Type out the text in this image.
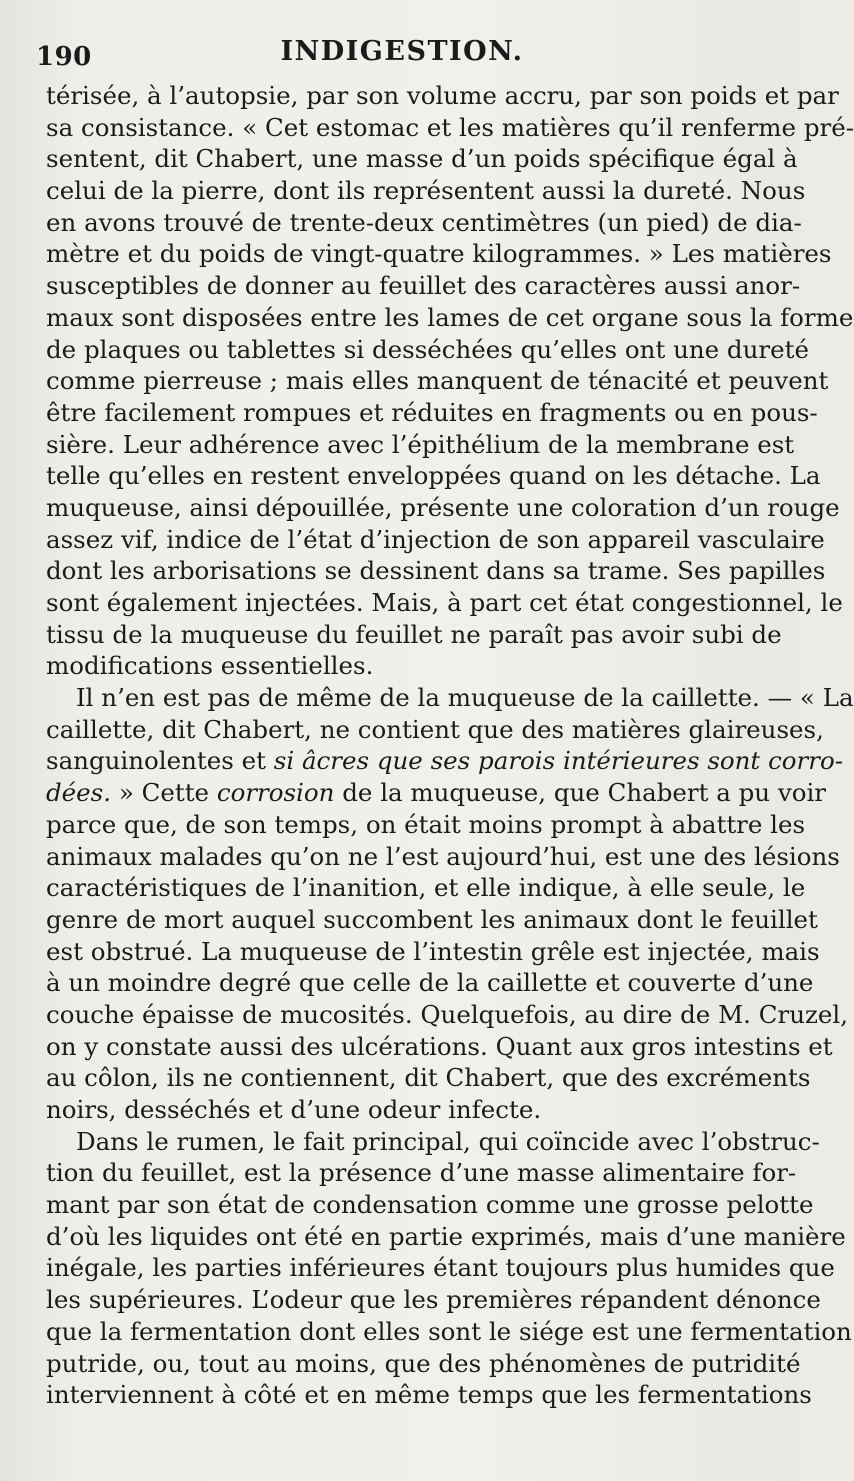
190	INDIGESTION.
térisée, à l’autopsie, par son volume accru, par son poids et par
sa consistance. « Cet estomac et les matières qu’il renferme pré-
sentent, dit Chabert, une masse d’un poids spécifique égal à
celui de la pierre, dont ils représentent aussi la dureté. Nous
en avons trouvé de trente-deux centimètres (un pied) de dia-
mètre et du poids de vingt-quatre kilogrammes. » Les matières
susceptibles de donner au feuillet des caractères aussi anor-
maux sont disposées entre les lames de cet organe sous la forme
de plaques ou tablettes si desséchées qu’elles ont une dureté
comme pierreuse ; mais elles manquent de ténacité et peuvent
être facilement rompues et réduites en fragments ou en pous-
sière. Leur adhérence avec l’épithélium de la membrane est
telle qu’elles en restent enveloppées quand on les détache. La
muqueuse, ainsi dépouillée, présente une coloration d’un rouge
assez vif, indice de l’état d’injection de son appareil vasculaire
dont les arborisations se dessinent dans sa trame. Ses papilles
sont également injectées. Mais, à part cet état congestionnel, le
tissu de la muqueuse du feuillet ne paraît pas avoir subi de
modifications essentielles.
Il n’en est pas de même de la muqueuse de la caillette. — « La
caillette, dit Chabert, ne contient que des matières glaireuses,
sanguinolentes et si âcres que ses parois intérieures sont corro-
dées. » Cette corrosion de la muqueuse, que Chabert a pu voir
parce que, de son temps, on était moins prompt à abattre les
animaux malades qu’on ne l’est aujourd’hui, est une des lésions
caractéristiques de l’inanition, et elle indique, à elle seule, le
genre de mort auquel succombent les animaux dont le feuillet
est obstrué. La muqueuse de l’intestin grêle est injectée, mais
à un moindre degré que celle de la caillette et couverte d’une
couche épaisse de mucosités. Quelquefois, au dire de M. Cruzel,
on y constate aussi des ulcérations. Quant aux gros intestins et
au côlon, ils ne contiennent, dit Chabert, que des excréments
noirs, desséchés et d’une odeur infecte.
Dans le rumen, le fait principal, qui coïncide avec l’obstruc-
tion du feuillet, est la présence d’une masse alimentaire for-
mant par son état de condensation comme une grosse pelotte
d’où les liquides ont été en partie exprimés, mais d’une manière
inégale, les parties inférieures étant toujours plus humides que
les supérieures. L’odeur que les premières répandent dénonce
que la fermentation dont elles sont le siége est une fermentation
putride, ou, tout au moins, que des phénomènes de putridité
interviennent à côté et en même temps que les fermentations
